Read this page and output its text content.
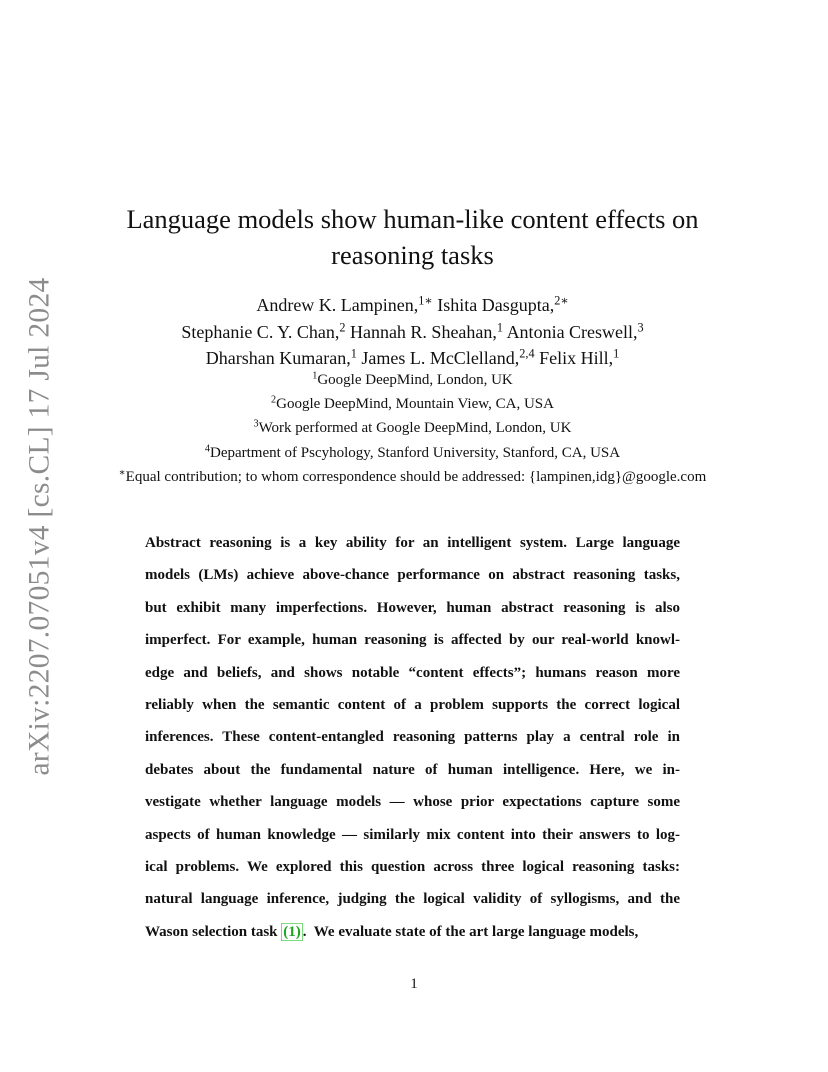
arXiv:2207.07051v4 [cs.CL] 17 Jul 2024
Language models show human-like content effects on
reasoning tasks
Andrew K. Lampinen,$^{1∗}$ Ishita Dasgupta,$^{2∗}$
Stephanie C. Y. Chan,$^2$ Hannah R. Sheahan,$^1$ Antonia Creswell,$^3$
Dharshan Kumaran,$^1$ James L. McClelland,$^{2,4}$ Felix Hill,$^1$
$^1$Google DeepMind, London, UK
$^2$Google DeepMind, Mountain View, CA, USA
$^3$Work performed at Google DeepMind, London, UK
$^4$Department of Pscyhology, Stanford University, Stanford, CA, USA
∗Equal contribution; to whom correspondence should be addressed: {lampinen,idg}@google.com
Abstract reasoning is a key ability for an intelligent system. Large language
models (LMs) achieve above-chance performance on abstract reasoning tasks,
but exhibit many imperfections. However, human abstract reasoning is also
imperfect. For example, human reasoning is affected by our real-world knowl-
edge and beliefs, and shows notable “content effects”; humans reason more
reliably when the semantic content of a problem supports the correct logical
inferences. These content-entangled reasoning patterns play a central role in
debates about the fundamental nature of human intelligence. Here, we in-
vestigate whether language models — whose prior expectations capture some
aspects of human knowledge — similarly mix content into their answers to log-
ical problems. We explored this question across three logical reasoning tasks:
natural language inference, judging the logical validity of syllogisms, and the
Wason selection task (1) .  We evaluate state of the art large language models,
1
